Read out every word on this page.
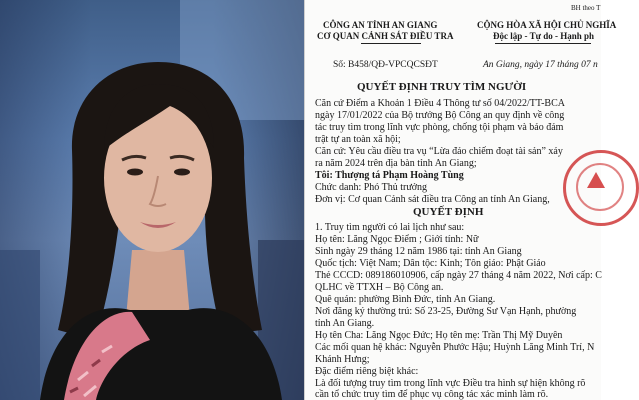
BH theo T
CÔNG AN TỈNH AN GIANG
CƠ QUAN CẢNH SÁT ĐIỀU TRA
Số: B458/QĐ-VPCQCSĐT
CỘNG HÒA XÃ HỘI CHỦ NGHĨA
Độc lập - Tự do - Hạnh ph
An Giang, ngày 17 tháng 07 n
QUYẾT ĐỊNH TRUY TÌM NGƯỜI
Căn cứ Điểm a Khoản 1 Điều 4 Thông tư số 04/2022/TT-BCA
ngày 17/01/2022 của Bộ trưởng Bộ Công an quy định về công
tác truy tìm trong lĩnh vực phòng, chống tội phạm và bảo đảm
trật tự an toàn xã hội;
Căn cứ: Yêu cầu điều tra vụ “Lừa đảo chiếm đoạt tài sản” xảy
ra năm 2024 trên địa bàn tỉnh An Giang;
Tôi: Thượng tá Phạm Hoàng Tùng
Chức danh: Phó Thủ trưởng
Đơn vị: Cơ quan Cảnh sát điều tra Công an tỉnh An Giang,
QUYẾT ĐỊNH
1. Truy tìm người có lai lịch như sau:
Họ tên: Lăng Ngọc Điểm ; Giới tính: Nữ
Sinh ngày 29 tháng 12 năm 1986 tại: tỉnh An Giang
Quốc tịch: Việt Nam; Dân tộc: Kinh; Tôn giáo: Phật Giáo
Thẻ CCCD: 089186010906, cấp ngày 27 tháng 4 năm 2022, Nơi cấp: C
QLHC về TTXH – Bộ Công an.
Quê quán: phường Bình Đức, tỉnh An Giang.
Nơi đăng ký thường trú: Số 23-25, Đường Sư Vạn Hạnh, phường
tỉnh An Giang.
Họ tên Cha: Lăng Ngọc Đức; Họ tên mẹ: Trần Thị Mỹ Duyên
Các mối quan hệ khác: Nguyễn Phước Hậu; Huỳnh Lăng Minh Trí, N
Khánh Hưng;
Đặc điểm riêng biệt khác:
Là đối tượng truy tìm trong lĩnh vực Điều tra hình sự hiện không rõ
cần tổ chức truy tìm để phục vụ công tác xác minh làm rõ.
